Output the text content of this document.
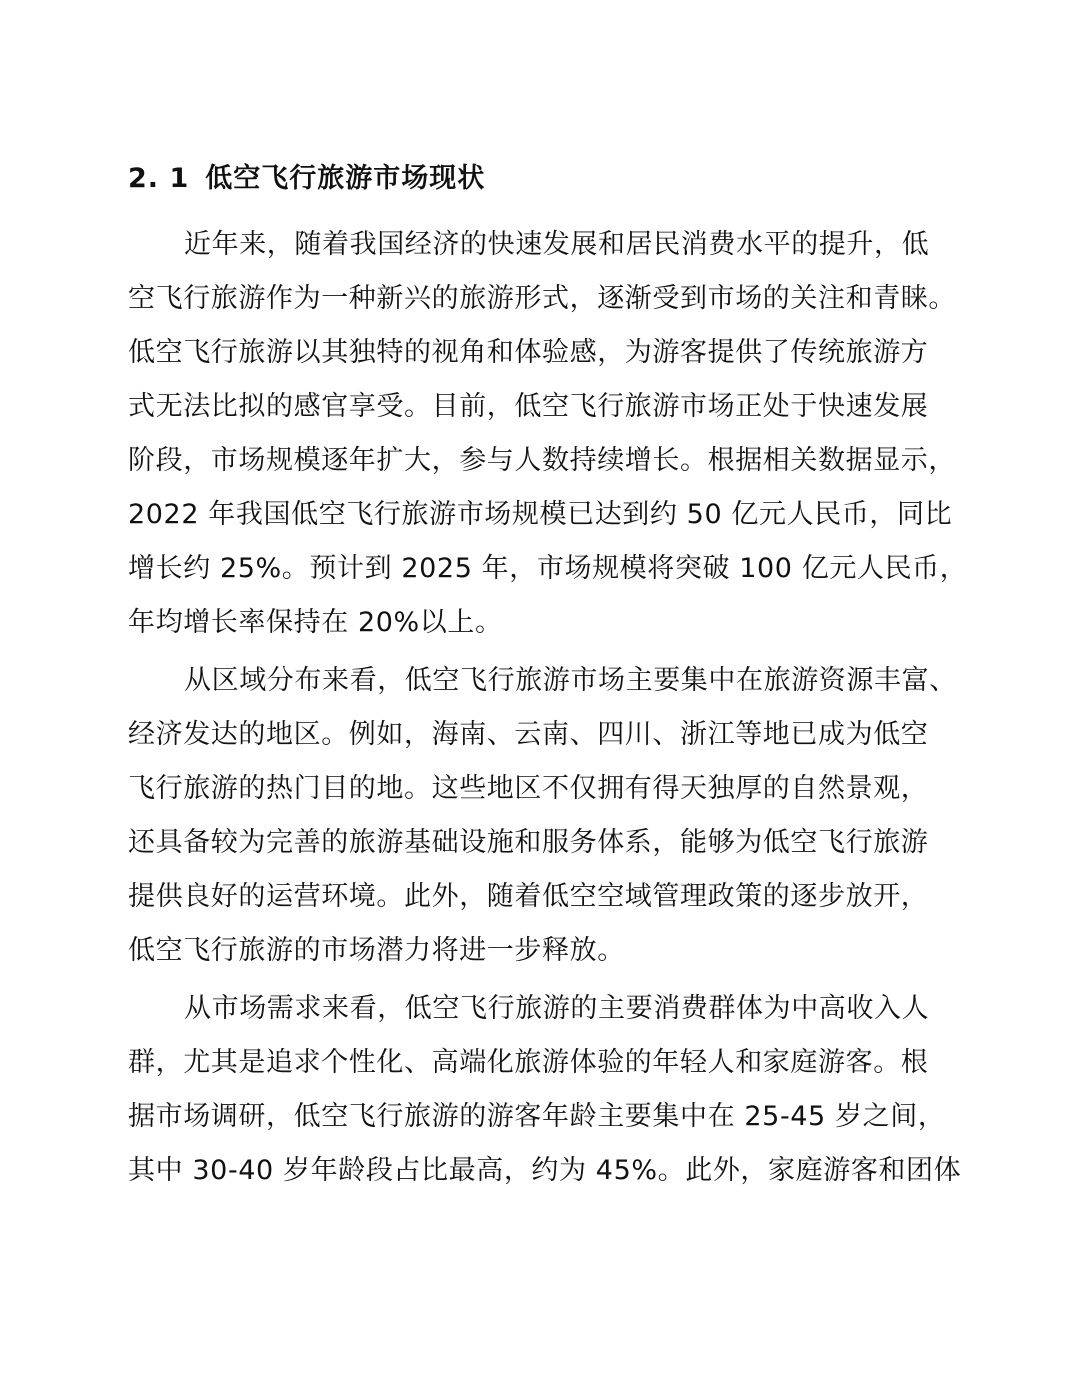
2. 1 低空飞行旅游市场现状
近年来，随着我国经济的快速发展和居民消费水平的提升，低
空飞行旅游作为一种新兴的旅游形式，逐渐受到市场的关注和青睐。
低空飞行旅游以其独特的视角和体验感，为游客提供了传统旅游方
式无法比拟的感官享受。目前，低空飞行旅游市场正处于快速发展
阶段，市场规模逐年扩大，参与人数持续增长。根据相关数据显示，
2022 年我国低空飞行旅游市场规模已达到约 50 亿元人民币，同比
增长约 25%。预计到 2025 年，市场规模将突破 100 亿元人民币，
年均增长率保持在 20%以上。
从区域分布来看，低空飞行旅游市场主要集中在旅游资源丰富、
经济发达的地区。例如，海南、云南、四川、浙江等地已成为低空
飞行旅游的热门目的地。这些地区不仅拥有得天独厚的自然景观，
还具备较为完善的旅游基础设施和服务体系，能够为低空飞行旅游
提供良好的运营环境。此外，随着低空空域管理政策的逐步放开，
低空飞行旅游的市场潜力将进一步释放。
从市场需求来看，低空飞行旅游的主要消费群体为中高收入人
群，尤其是追求个性化、高端化旅游体验的年轻人和家庭游客。根
据市场调研，低空飞行旅游的游客年龄主要集中在 25-45 岁之间，
其中 30-40 岁年龄段占比最高，约为 45%。此外，家庭游客和团体
